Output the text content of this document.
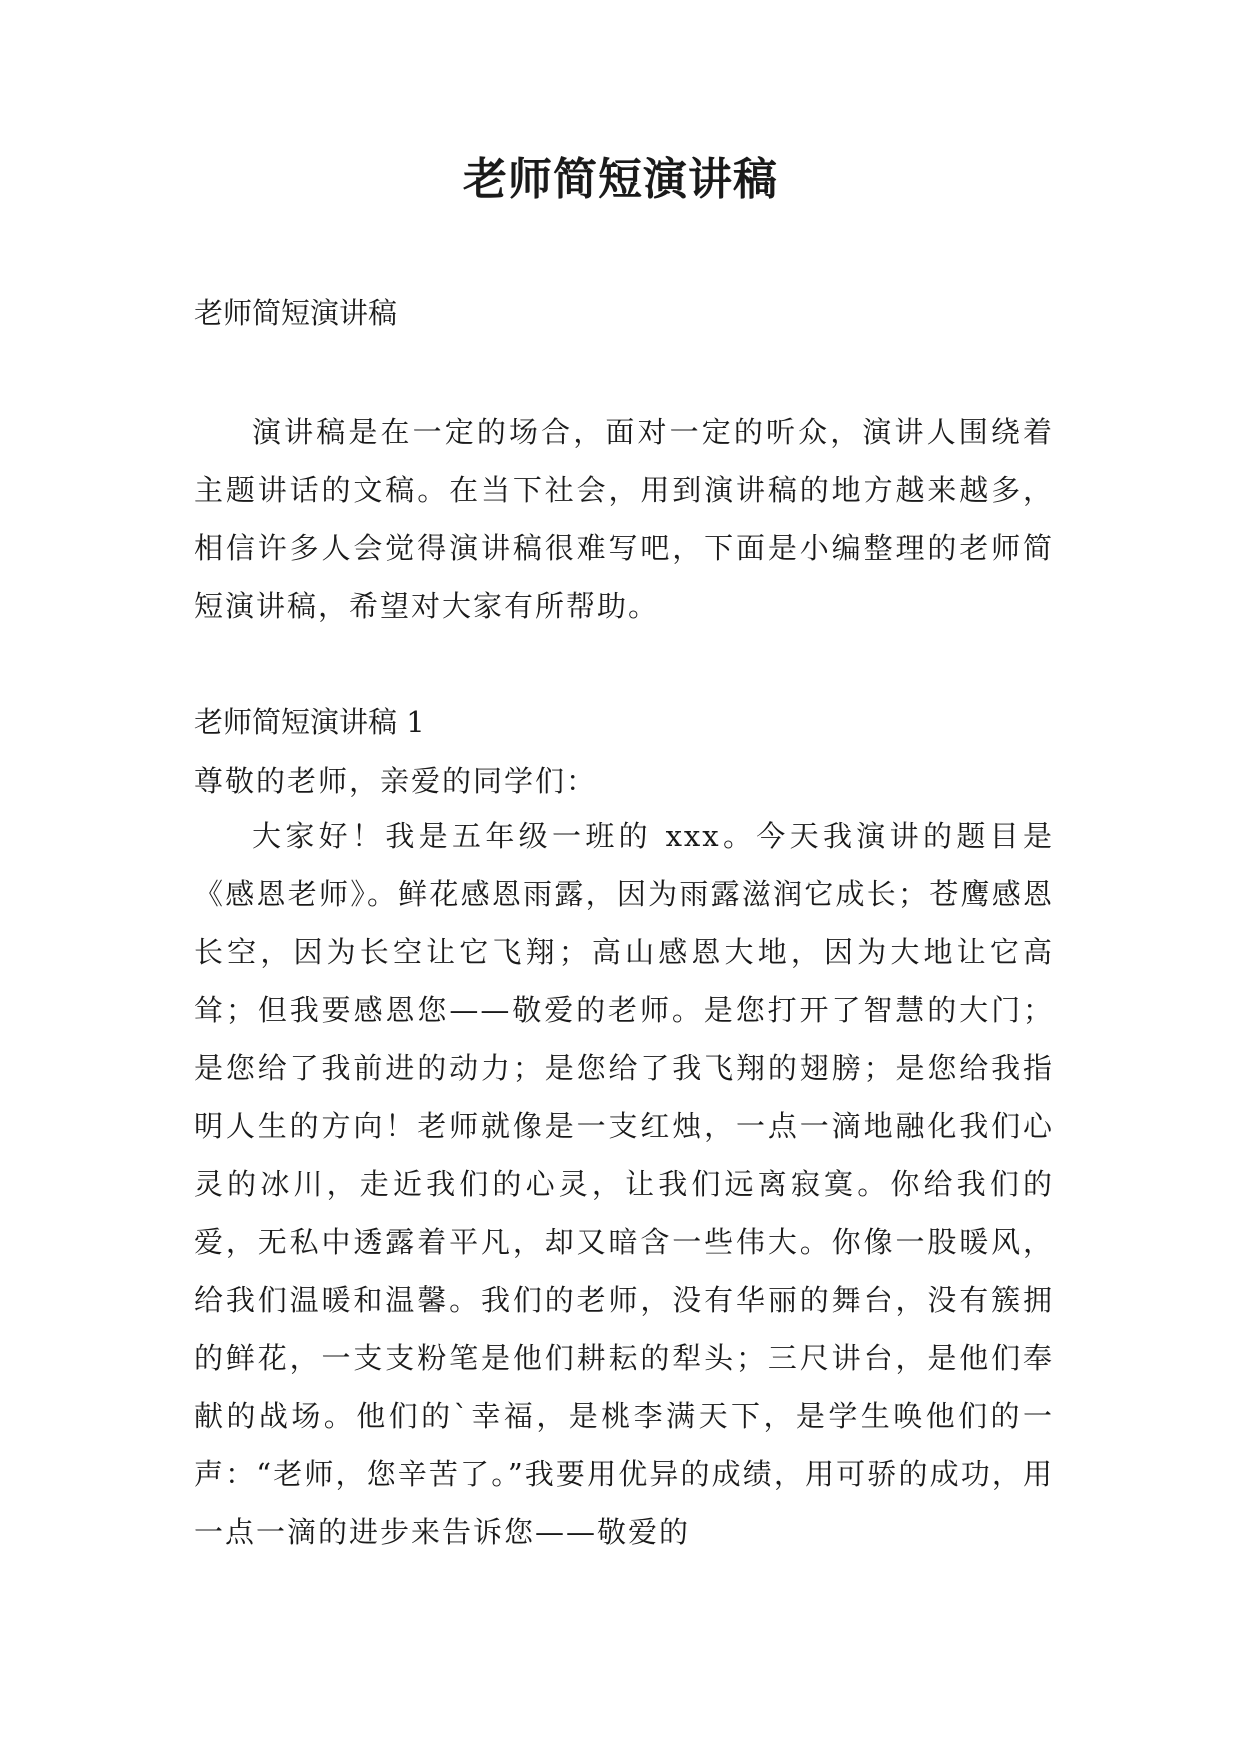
老师简短演讲稿

老师简短演讲稿

演讲稿是在一定的场合，面对一定的听众，演讲人围绕着主题讲话的文稿。在当下社会，用到演讲稿的地方越来越多，相信许多人会觉得演讲稿很难写吧，下面是小编整理的老师简短演讲稿，希望对大家有所帮助。

老师简短演讲稿 1

尊敬的老师，亲爱的同学们：

大家好！我是五年级一班的 xxx。今天我演讲的题目是《感恩老师》。鲜花感恩雨露，因为雨露滋润它成长；苍鹰感恩长空，因为长空让它飞翔；高山感恩大地，因为大地让它高耸；但我要感恩您——敬爱的老师。是您打开了智慧的大门；是您给了我前进的动力；是您给了我飞翔的翅膀；是您给我指明人生的方向！老师就像是一支红烛，一点一滴地融化我们心灵的冰川，走近我们的心灵，让我们远离寂寞。你给我们的爱，无私中透露着平凡，却又暗含一些伟大。你像一股暖风，给我们温暖和温馨。我们的老师，没有华丽的舞台，没有簇拥的鲜花，一支支粉笔是他们耕耘的犁头；三尺讲台，是他们奉献的战场。他们的`幸福，是桃李满天下，是学生唤他们的一声：“老师，您辛苦了。”我要用优异的成绩，用可骄的成功，用一点一滴的进步来告诉您——敬爱的
